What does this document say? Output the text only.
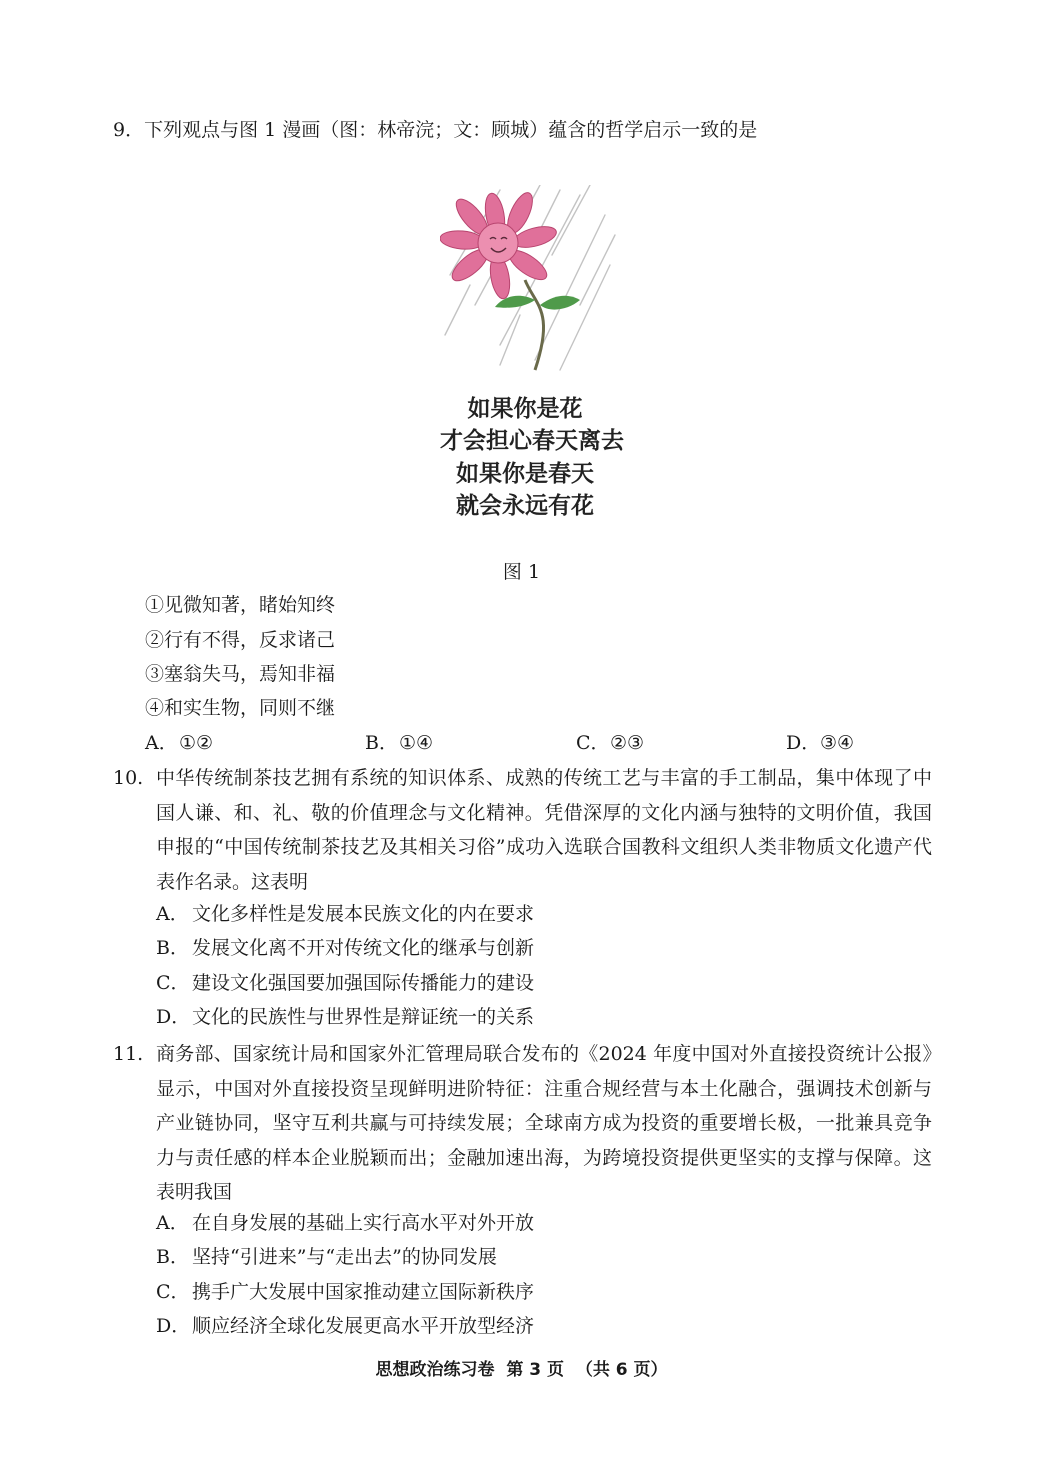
9．下列观点与图 1 漫画（图：林帝浣；文：顾城）蕴含的哲学启示一致的是
如果你是花
才会担心春天离去
如果你是春天
就会永远有花
图 1
①见微知著，睹始知终
②行有不得，反求诸己
③塞翁失马，焉知非福
④和实生物，同则不继
A．①②	B．①④	C．②③	D．③④
10. 中华传统制茶技艺拥有系统的知识体系、成熟的传统工艺与丰富的手工制品，集中体现了中国人谦、和、礼、敬的价值理念与文化精神。凭借深厚的文化内涵与独特的文明价值，我国申报的“中国传统制茶技艺及其相关习俗”成功入选联合国教科文组织人类非物质文化遗产代表作名录。这表明
A． 文化多样性是发展本民族文化的内在要求
B． 发展文化离不开对传统文化的继承与创新
C． 建设文化强国要加强国际传播能力的建设
D．文化的民族性与世界性是辩证统一的关系
11. 商务部、国家统计局和国家外汇管理局联合发布的《2024 年度中国对外直接投资统计公报》显示，中国对外直接投资呈现鲜明进阶特征：注重合规经营与本土化融合，强调技术创新与产业链协同，坚守互利共赢与可持续发展；全球南方成为投资的重要增长极，一批兼具竞争力与责任感的样本企业脱颖而出；金融加速出海，为跨境投资提供更坚实的支撑与保障。这表明我国
A． 在自身发展的基础上实行高水平对外开放
B． 坚持“引进来”与“走出去”的协同发展
C． 携手广大发展中国家推动建立国际新秩序
D．顺应经济全球化发展更高水平开放型经济
思想政治练习卷  第 3 页  （共 6 页）
